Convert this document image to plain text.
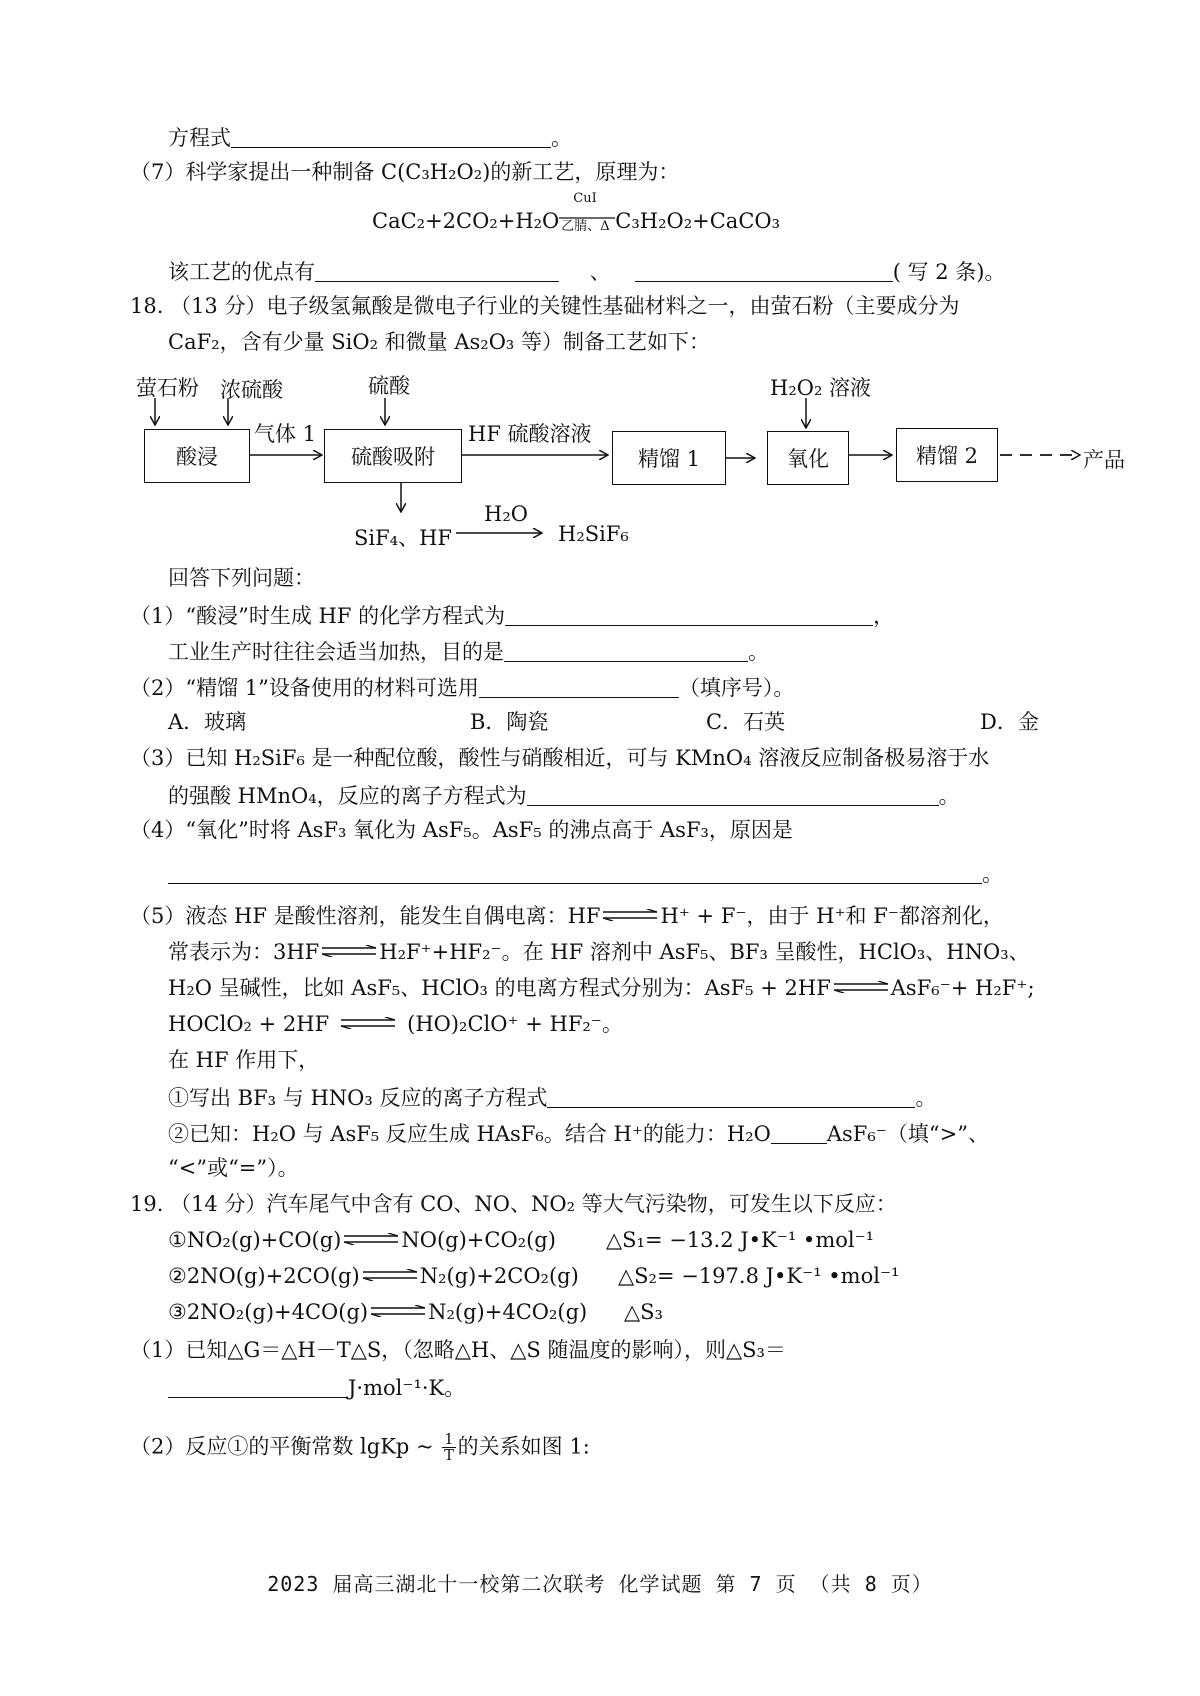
方程式	。
（7）科学家提出一种制备 C(C₃H₂O₂)的新工艺，原理为：
CaC₂+2CO₂+H₂O
CuI
乙腈、Δ C₃H₂O₂+CaCO₃
该工艺的优点有	、	( 写 2 条)。
18. （13 分）电子级氢氟酸是微电子行业的关键性基础材料之一，由萤石粉（主要成分为
CaF₂，含有少量 SiO₂ 和微量 As₂O₃ 等）制备工艺如下：
萤石粉 浓硫酸	硫酸	H₂O₂ 溶液
酸浸	硫酸吸附	精馏 1	氧化	精馏 2
气体 1	HF 硫酸溶液
产品
SiF₄、HF
H₂O
H₂SiF₆
回答下列问题：
（1）“酸浸”时生成 HF 的化学方程式为	，
工业生产时往往会适当加热，目的是	。
（2）“精馏 1”设备使用的材料可选用	（填序号）。
A．玻璃	B．陶瓷	C．石英	D．金
（3）已知 H₂SiF₆ 是一种配位酸，酸性与硝酸相近，可与 KMnO₄ 溶液反应制备极易溶于水
的强酸 HMnO₄，反应的离子方程式为	。
（4）“氧化”时将 AsF₃ 氧化为 AsF₅。AsF₅ 的沸点高于 AsF₃，原因是
。
（5）液态 HF 是酸性溶剂，能发生自偶电离：HF⇌H⁺ + F⁻，由于 H⁺和 F⁻都溶剂化，
常表示为：3HF⇌H₂F⁺+HF₂⁻。在 HF 溶剂中 AsF₅、BF₃ 呈酸性，HClO₃、HNO₃、
H₂O 呈碱性，比如 AsF₅、HClO₃ 的电离方程式分别为：AsF₅ + 2HF⇌AsF₆⁻+ H₂F⁺;
HOClO₂ + 2HF ⇌ (HO)₂ClO⁺ + HF₂⁻。
在 HF 作用下，
①写出 BF₃ 与 HNO₃ 反应的离子方程式	。
②已知：H₂O 与 AsF₅ 反应生成 HAsF₆。结合 H⁺的能力：H₂O	AsF₆⁻（填“>”、
“<”或“=”）。
19. （14 分）汽车尾气中含有 CO、NO、NO₂ 等大气污染物，可发生以下反应：
①NO₂(g)+CO(g)⇌NO(g)+CO₂(g) △S₁= −13.2 J•K⁻¹ •mol⁻¹
②2NO(g)+2CO(g)⇌N₂(g)+2CO₂(g) △S₂= −197.8 J•K⁻¹ •mol⁻¹
③2NO₂(g)+4CO(g)⇌N₂(g)+4CO₂(g) △S₃
（1）已知△G＝△H－T△S，（忽略△H、△S 随温度的影响），则△S₃＝
J·mol⁻¹·K。
（2）反应①的平衡常数 lgKp ~ $\frac{1}{T}$ 的关系如图 1:
2023 届高三湖北十一校第二次联考 化学试题 第 7 页 （共 8 页）
